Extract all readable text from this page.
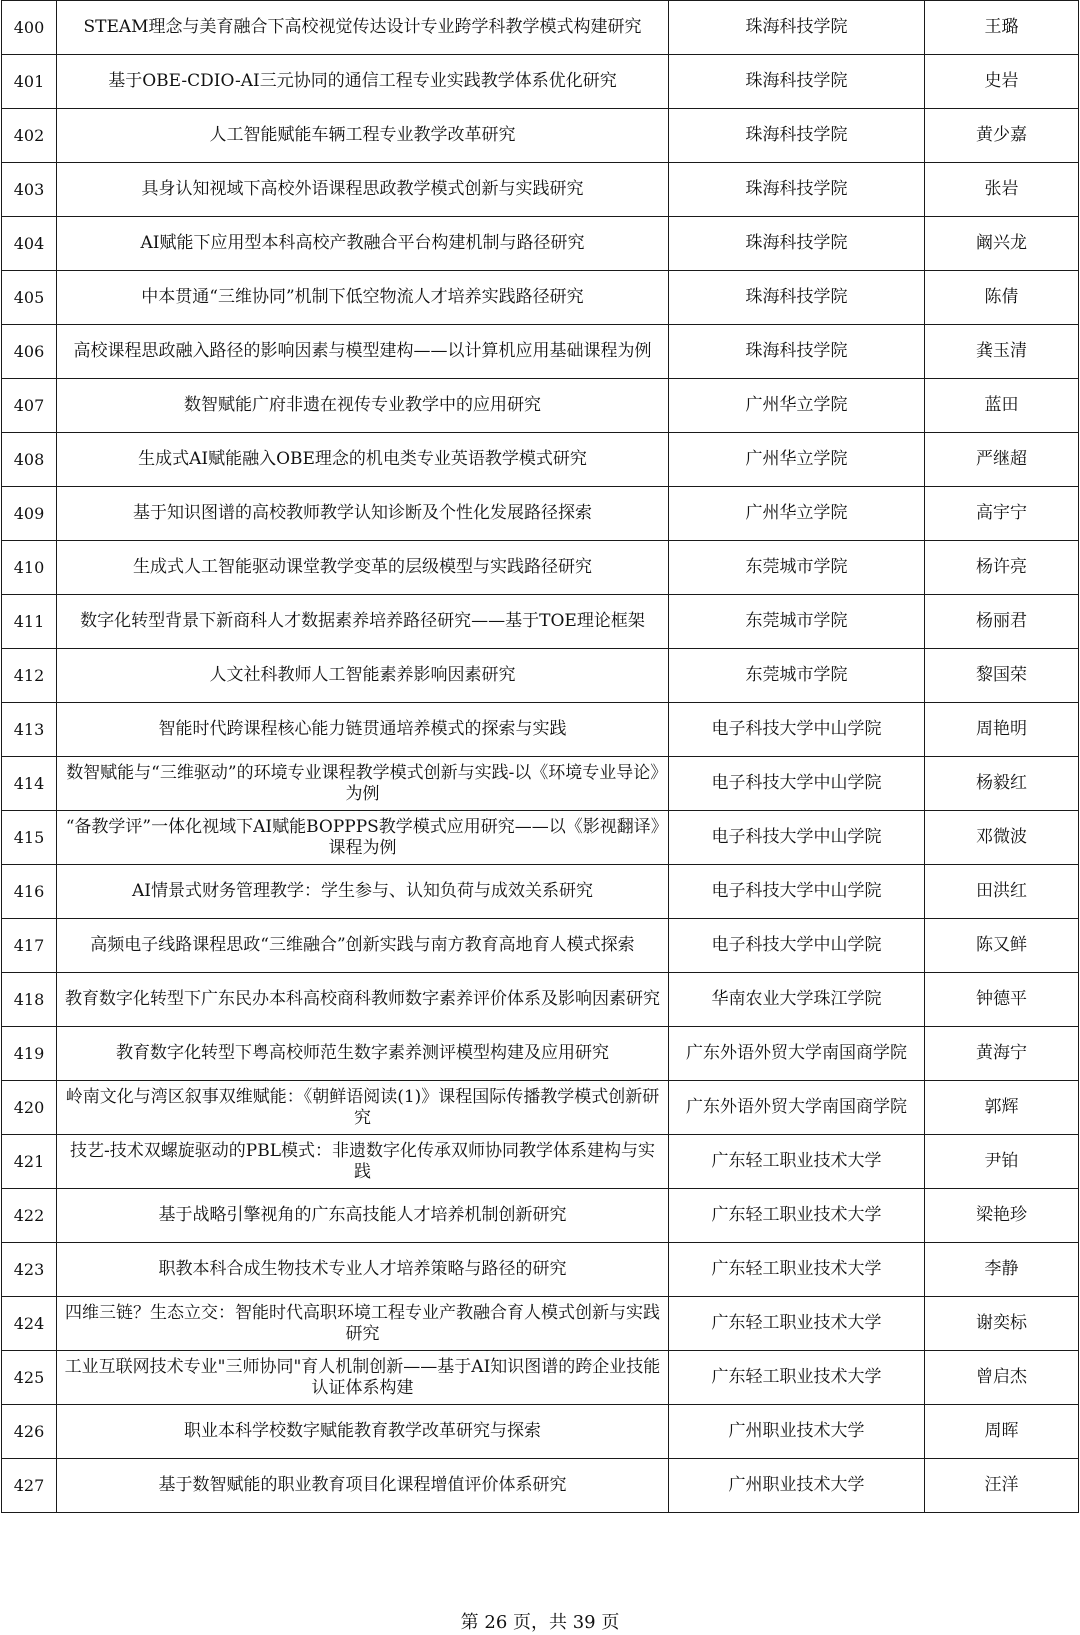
400	STEAM理念与美育融合下高校视觉传达设计专业跨学科教学模式构建研究	珠海科技学院	王璐
401	基于OBE-CDIO-AI三元协同的通信工程专业实践教学体系优化研究	珠海科技学院	史岩
402	人工智能赋能车辆工程专业教学改革研究	珠海科技学院	黄少嘉
403	具身认知视域下高校外语课程思政教学模式创新与实践研究	珠海科技学院	张岩
404	AI赋能下应用型本科高校产教融合平台构建机制与路径研究	珠海科技学院	阚兴龙
405	中本贯通“三维协同”机制下低空物流人才培养实践路径研究	珠海科技学院	陈倩
406	高校课程思政融入路径的影响因素与模型建构——以计算机应用基础课程为例	珠海科技学院	龚玉清
407	数智赋能广府非遗在视传专业教学中的应用研究	广州华立学院	蓝田
408	生成式AI赋能融入OBE理念的机电类专业英语教学模式研究	广州华立学院	严继超
409	基于知识图谱的高校教师教学认知诊断及个性化发展路径探索	广州华立学院	高宇宁
410	生成式人工智能驱动课堂教学变革的层级模型与实践路径研究	东莞城市学院	杨许亮
411	数字化转型背景下新商科人才数据素养培养路径研究——基于TOE理论框架	东莞城市学院	杨丽君
412	人文社科教师人工智能素养影响因素研究	东莞城市学院	黎国荣
413	智能时代跨课程核心能力链贯通培养模式的探索与实践	电子科技大学中山学院	周艳明
414	数智赋能与“三维驱动”的环境专业课程教学模式创新与实践-以《环境专业导论》为例	电子科技大学中山学院	杨毅红
415	“备教学评”一体化视域下AI赋能BOPPPS教学模式应用研究——以《影视翻译》课程为例	电子科技大学中山学院	邓微波
416	AI情景式财务管理教学：学生参与、认知负荷与成效关系研究	电子科技大学中山学院	田洪红
417	高频电子线路课程思政“三维融合”创新实践与南方教育高地育人模式探索	电子科技大学中山学院	陈又鲜
418	教育数字化转型下广东民办本科高校商科教师数字素养评价体系及影响因素研究	华南农业大学珠江学院	钟德平
419	教育数字化转型下粤高校师范生数字素养测评模型构建及应用研究	广东外语外贸大学南国商学院	黄海宁
420	岭南文化与湾区叙事双维赋能：《朝鲜语阅读(1)》课程国际传播教学模式创新研究	广东外语外贸大学南国商学院	郭辉
421	技艺-技术双螺旋驱动的PBL模式：非遗数字化传承双师协同教学体系建构与实践	广东轻工职业技术大学	尹铂
422	基于战略引擎视角的广东高技能人才培养机制创新研究	广东轻工职业技术大学	梁艳珍
423	职教本科合成生物技术专业人才培养策略与路径的研究	广东轻工职业技术大学	李静
424	四维三链？生态立交：智能时代高职环境工程专业产教融合育人模式创新与实践研究	广东轻工职业技术大学	谢奕标
425	工业互联网技术专业"三师协同"育人机制创新——基于AI知识图谱的跨企业技能认证体系构建	广东轻工职业技术大学	曾启杰
426	职业本科学校数字赋能教育教学改革研究与探索	广州职业技术大学	周晖
427	基于数智赋能的职业教育项目化课程增值评价体系研究	广州职业技术大学	汪洋
第 26 页，共 39 页
